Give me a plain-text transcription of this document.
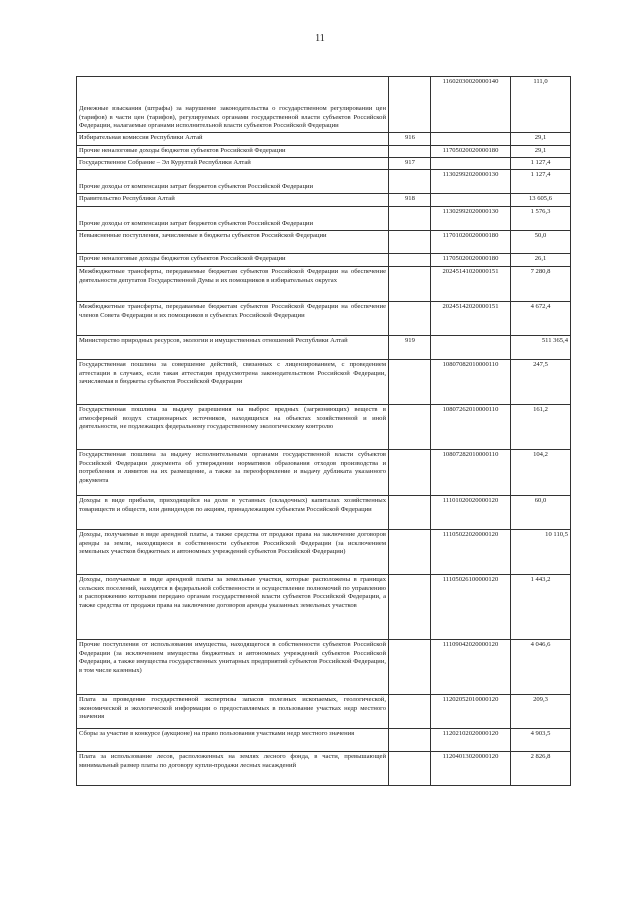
11
Денежные взыскания (штрафы) за нарушение законодательства о государственном регулировании цен (тарифов) в части цен (тарифов), регулируемых органами государственной власти субъектов Российской Федерации, налагаемые органами исполнительной власти субъектов Российской Федерации		11602030020000140	111,0
Избирательная комиссия Республики Алтай	916		29,1
Прочие неналоговые доходы бюджетов субъектов Российской Федерации		11705020020000180	29,1
Государственное Собрание – Эл Курултай Республики Алтай	917		1 127,4
Прочие доходы от компенсации затрат бюджетов субъектов Российской Федерации		11302992020000130	1 127,4
Правительство Республики Алтай	918		13 605,6
Прочие доходы от компенсации затрат бюджетов субъектов Российской Федерации		11302992020000130	1 576,3
Невыясненные поступления, зачисляемые в бюджеты субъектов Российской Федерации		11701020020000180	50,0
Прочие неналоговые доходы бюджетов субъектов Российской Федерации		11705020020000180	26,1
Межбюджетные трансферты, передаваемые бюджетам субъектов Российской Федерации на обеспечение деятельности депутатов Государственной Думы и их помощников в избирательных округах		20245141020000151	7 280,8
Межбюджетные трансферты, передаваемые бюджетам субъектов Российской Федерации на обеспечение членов Совета Федерации и их помощников в субъектах Российской Федерации		20245142020000151	4 672,4
Министерство природных ресурсов, экологии и имущественных отношений Республики Алтай	919		511 365,4
Государственная пошлина за совершение действий, связанных с лицензированием, с проведением аттестации в случаях, если такая аттестация предусмотрена законодательством Российской Федерации, зачисляемая в бюджеты субъектов Российской Федерации		10807082010000110	247,5
Государственная пошлина за выдачу разрешения на выброс вредных (загрязняющих) веществ в атмосферный воздух стационарных источников, находящихся на объектах хозяйственной и иной деятельности, не подлежащих федеральному государственному экологическому контролю		10807262010000110	161,2
Государственная пошлина за выдачу исполнительными органами государственной власти субъектов Российской Федерации документа об утверждении нормативов образования отходов производства и потребления и лимитов на их размещение, а также за переоформление и выдачу дубликата указанного документа		10807282010000110	104,2
Доходы в виде прибыли, приходящейся на доли в уставных (складочных) капиталах хозяйственных товариществ и обществ, или дивидендов по акциям, принадлежащим субъектам Российской Федерации		11101020020000120	60,0
Доходы, получаемые в виде арендной платы, а также средства от продажи права на заключение договоров аренды за земли, находящиеся в собственности субъектов Российской Федерации (за исключением земельных участков бюджетных и автономных учреждений субъектов Российской Федерации)		11105022020000120	10 110,5
Доходы, получаемые в виде арендной платы за земельные участки, которые расположены в границах сельских поселений, находятся в федеральной собственности и осуществление полномочий по управлению и распоряжению которыми передано органам государственной власти субъектов Российской Федерации, а также средства от продажи права на заключение договоров аренды указанных земельных участков		11105026100000120	1 443,2
Прочие поступления от использования имущества, находящегося в собственности субъектов Российской Федерации (за исключением имущества бюджетных и автономных учреждений субъектов Российской Федерации, а также имущества государственных унитарных предприятий субъектов Российской Федерации, в том числе казенных)		11109042020000120	4 046,6
Плата за проведение государственной экспертизы запасов полезных ископаемых, геологической, экономической и экологической информации о предоставляемых в пользование участках недр местного значения		11202052010000120	209,3
Сборы за участие в конкурсе (аукционе) на право пользования участками недр местного значения		11202102020000120	4 903,5
Плата за использование лесов, расположенных на землях лесного фонда, в части, превышающей минимальный размер платы по договору купли-продажи лесных насаждений		11204013020000120	2 826,8
